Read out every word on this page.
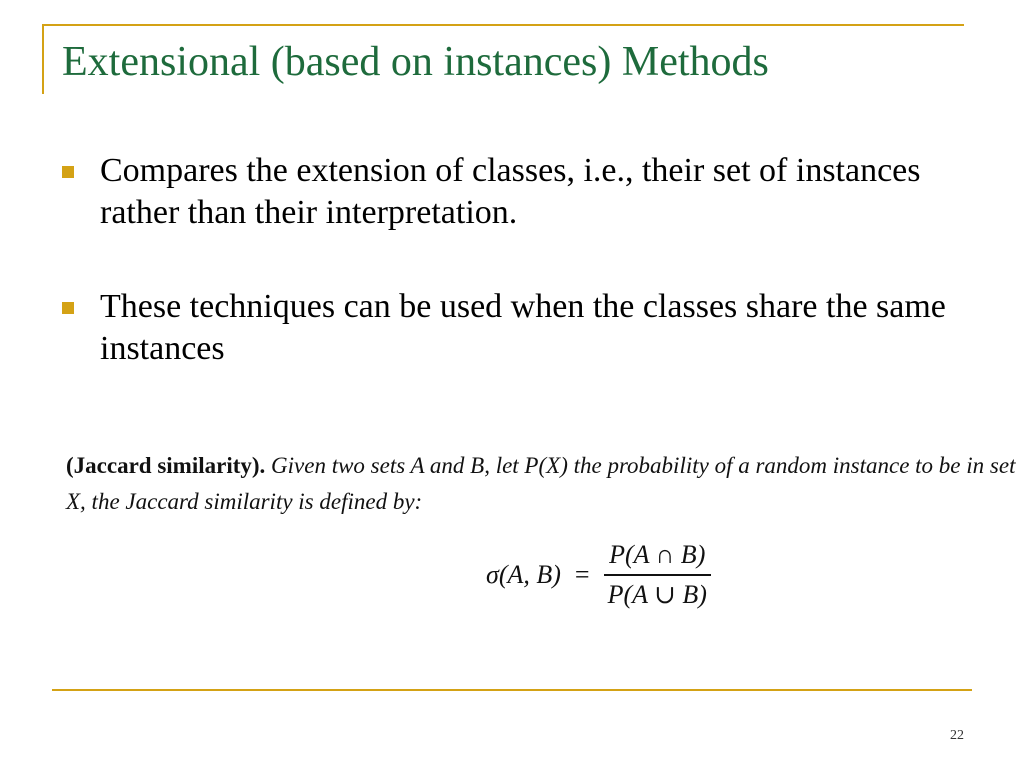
Extensional (based on instances) Methods
Compares the extension of classes, i.e., their set of instances rather than their interpretation.
These techniques can be used when the classes share the same instances
(Jaccard similarity). Given two sets A and B, let P(X) the probability of a random instance to be in set X, the Jaccard similarity is defined by:
σ(A, $B) = \frac{P(A \cap B)}{P(A \cup B)}$
22
